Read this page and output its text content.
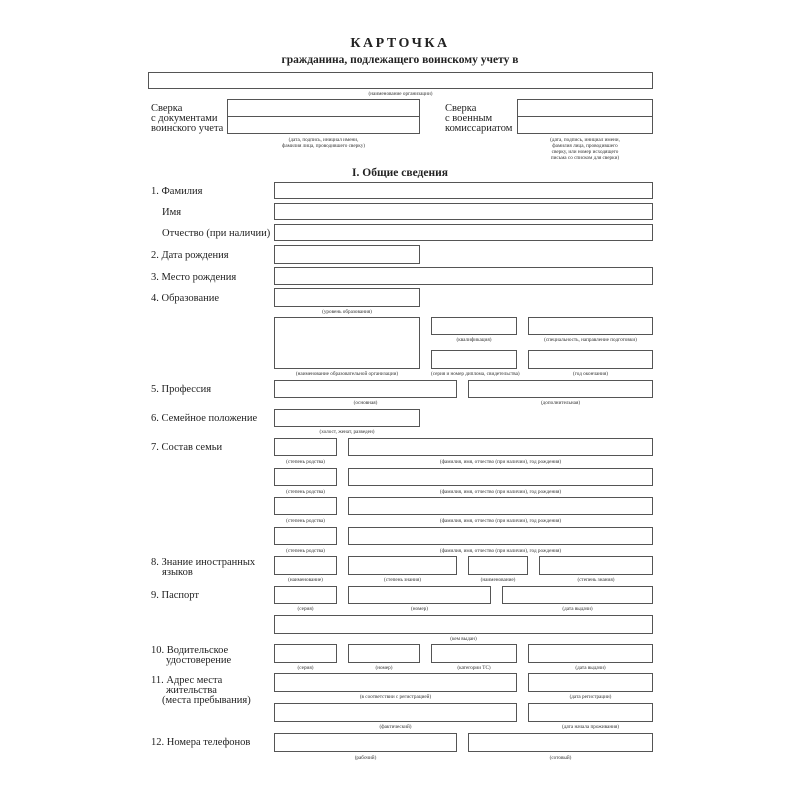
КАРТОЧКА
гражданина, подлежащего воинскому учету в
(наименование организации)
Сверка
с документами
воинского учета
(дата, подпись, инициал имени,
фамилия лица, проводившего сверку)
Сверка
с военным
комиссариатом
(дата, подпись, инициал имени,
фамилия лица, проводившего
сверку, или номер исходящего
письма со списком для сверки)
I. Общие сведения
1. Фамилия
Имя
Отчество (при наличии)
2. Дата рождения
3. Место рождения
4. Образование
(уровень образования)
(наименование образовательной организации)
(квалификация)	(специальность, направление подготовки)
(серия и номер диплома, свидетельства)	(год окончания)
5. Профессия
(основная)	(дополнительная)
6. Семейное положение
(холост, женат, разведен)
7. Состав семьи
(степень родства)	(фамилия, имя, отчество (при наличии), год рождения)
(степень родства)	(фамилия, имя, отчество (при наличии), год рождения)
(степень родства)	(фамилия, имя, отчество (при наличии), год рождения)
(степень родства)	(фамилия, имя, отчество (при наличии), год рождения)
8. Знание иностранных
языков
(наименование)	(степень знания)	(наименование)	(степень знания)
9. Паспорт
(серия)	(номер)	(дата выдачи)
(кем выдан)
10. Водительское
удостоверение
(серия)	(номер)	(категории ТС)	(дата выдачи)
11. Адрес места
жительства
(места пребывания)	(в соответствии с регистрацией)	(дата регистрации)
(фактический)	(дата начала проживания)
12. Номера телефонов
(рабочий)	(сотовый)
